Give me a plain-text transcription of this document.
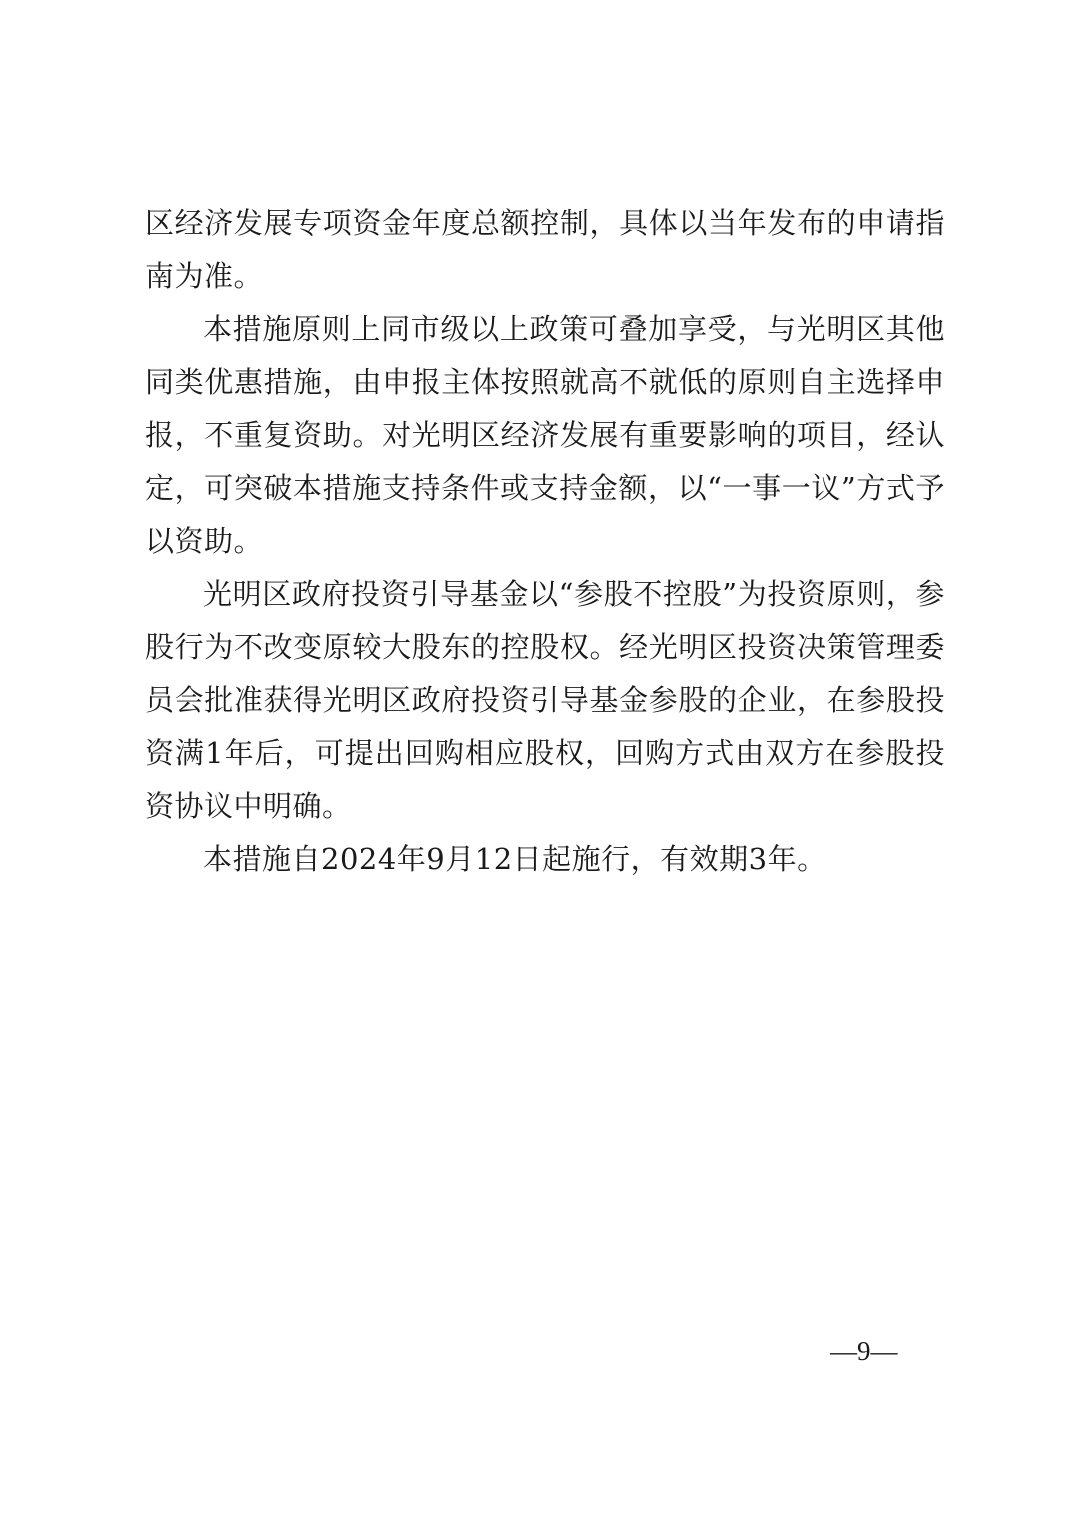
区经济发展专项资金年度总额控制，具体以当年发布的申请指南为准。

本措施原则上同市级以上政策可叠加享受，与光明区其他同类优惠措施，由申报主体按照就高不就低的原则自主选择申报，不重复资助。对光明区经济发展有重要影响的项目，经认定，可突破本措施支持条件或支持金额，以“一事一议”方式予以资助。

光明区政府投资引导基金以“参股不控股”为投资原则，参股行为不改变原较大股东的控股权。经光明区投资决策管理委员会批准获得光明区政府投资引导基金参股的企业，在参股投资满1年后，可提出回购相应股权，回购方式由双方在参股投资协议中明确。

本措施自2024年9月12日起施行，有效期3年。

—9—
